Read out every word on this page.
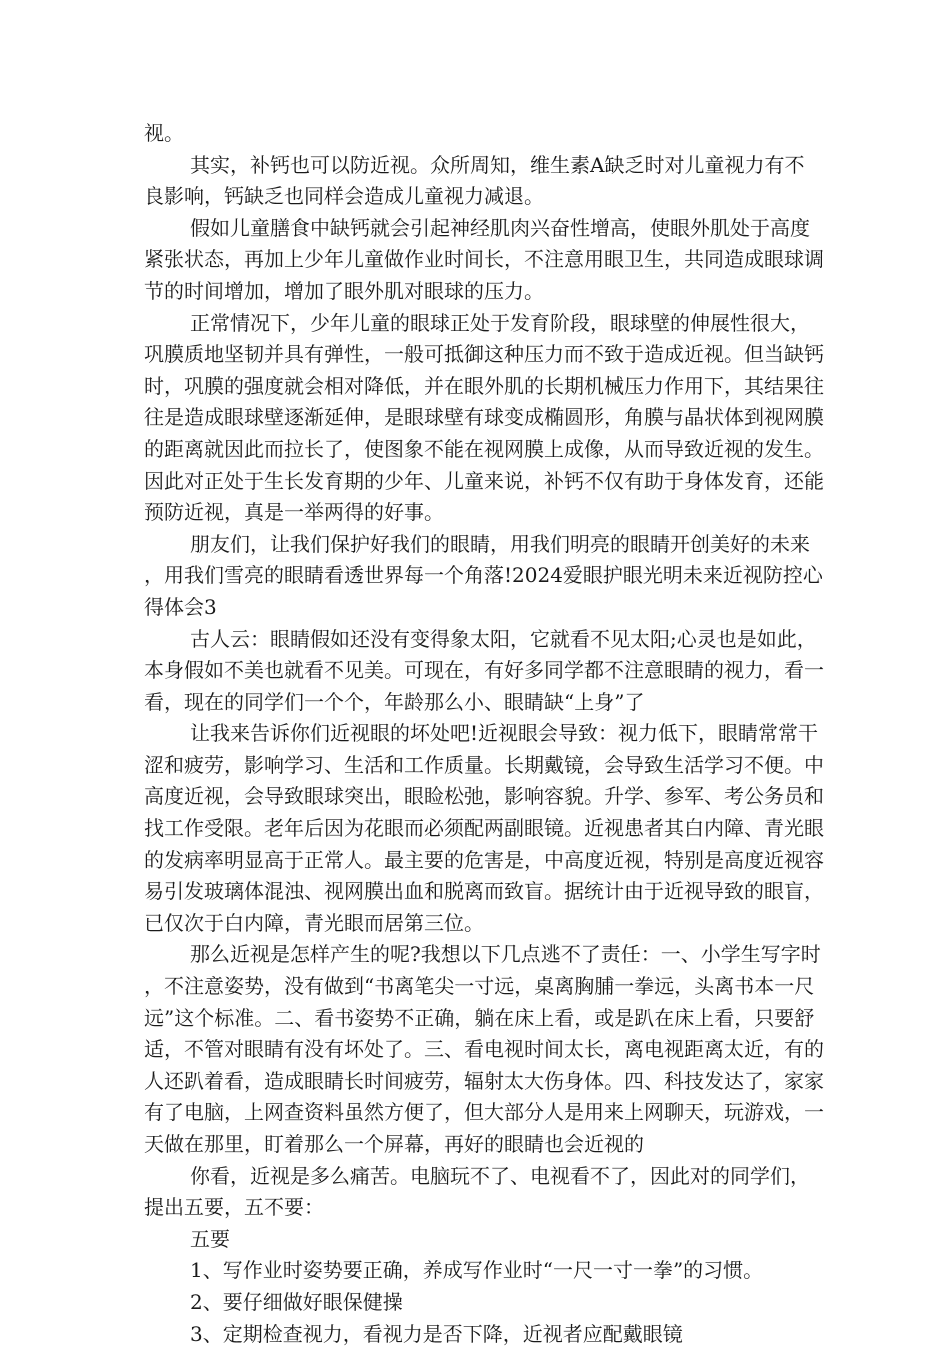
视。

其实，补钙也可以防近视。众所周知，维生素A缺乏时对儿童视力有不良影响，钙缺乏也同样会造成儿童视力减退。

假如儿童膳食中缺钙就会引起神经肌肉兴奋性增高，使眼外肌处于高度紧张状态，再加上少年儿童做作业时间长，不注意用眼卫生，共同造成眼球调节的时间增加，增加了眼外肌对眼球的压力。

正常情况下，少年儿童的眼球正处于发育阶段，眼球壁的伸展性很大，巩膜质地坚韧并具有弹性，一般可抵御这种压力而不致于造成近视。但当缺钙时，巩膜的强度就会相对降低，并在眼外肌的长期机械压力作用下，其结果往往是造成眼球壁逐渐延伸，是眼球壁有球变成椭圆形，角膜与晶状体到视网膜的距离就因此而拉长了，使图象不能在视网膜上成像，从而导致近视的发生。因此对正处于生长发育期的少年、儿童来说，补钙不仅有助于身体发育，还能预防近视，真是一举两得的好事。

朋友们，让我们保护好我们的眼睛，用我们明亮的眼睛开创美好的未来，用我们雪亮的眼睛看透世界每一个角落!2024爱眼护眼光明未来近视防控心得体会3

古人云：眼睛假如还没有变得象太阳，它就看不见太阳;心灵也是如此，本身假如不美也就看不见美。可现在，有好多同学都不注意眼睛的视力，看一看，现在的同学们一个个，年龄那么小、眼睛缺“上身”了

让我来告诉你们近视眼的坏处吧!近视眼会导致：视力低下，眼睛常常干涩和疲劳，影响学习、生活和工作质量。长期戴镜，会导致生活学习不便。中高度近视，会导致眼球突出，眼睑松弛，影响容貌。升学、参军、考公务员和找工作受限。老年后因为花眼而必须配两副眼镜。近视患者其白内障、青光眼的发病率明显高于正常人。最主要的危害是，中高度近视，特别是高度近视容易引发玻璃体混浊、视网膜出血和脱离而致盲。据统计由于近视导致的眼盲，已仅次于白内障，青光眼而居第三位。

那么近视是怎样产生的呢?我想以下几点逃不了责任：一、小学生写字时，不注意姿势，没有做到“书离笔尖一寸远，桌离胸脯一拳远，头离书本一尺远”这个标准。二、看书姿势不正确，躺在床上看，或是趴在床上看，只要舒适，不管对眼睛有没有坏处了。三、看电视时间太长，离电视距离太近，有的人还趴着看，造成眼睛长时间疲劳，辐射太大伤身体。四、科技发达了，家家有了电脑，上网查资料虽然方便了，但大部分人是用来上网聊天，玩游戏，一天做在那里，盯着那么一个屏幕，再好的眼睛也会近视的

你看，近视是多么痛苦。电脑玩不了、电视看不了，因此对的同学们，提出五要，五不要：

五要

1、写作业时姿势要正确，养成写作业时“一尺一寸一拳”的习惯。

2、要仔细做好眼保健操

3、定期检查视力，看视力是否下降，近视者应配戴眼镜
